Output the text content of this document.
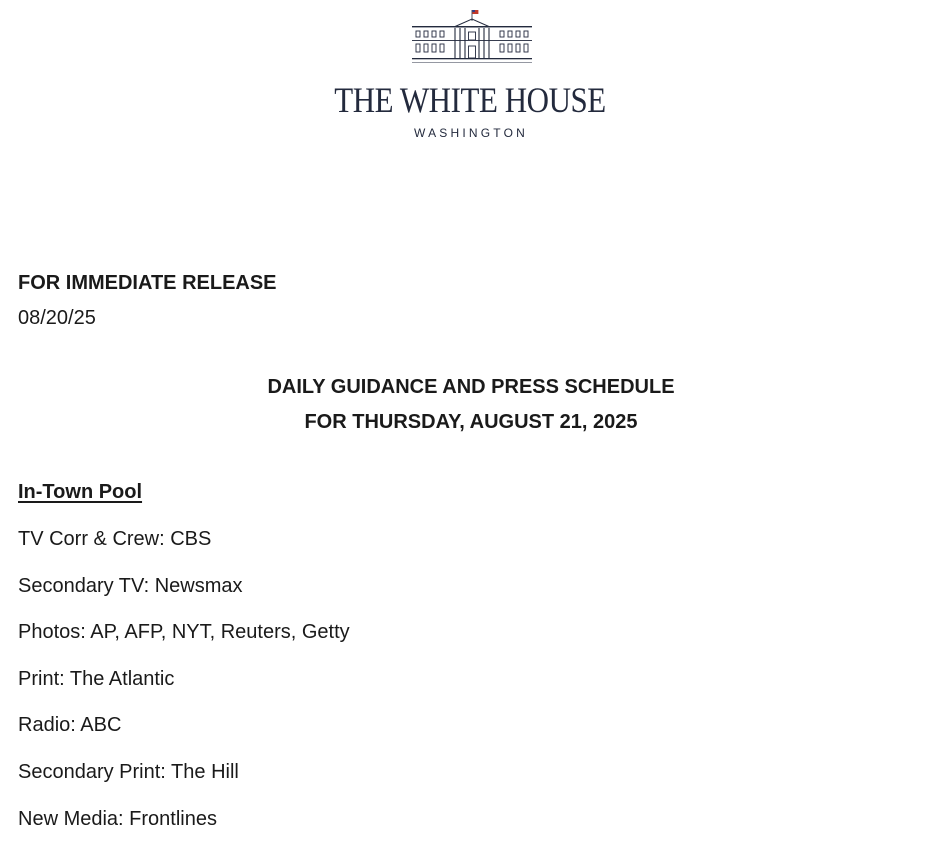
THE WHITE HOUSE
WASHINGTON
FOR IMMEDIATE RELEASE
08/20/25
DAILY GUIDANCE AND PRESS SCHEDULE
FOR THURSDAY, AUGUST 21, 2025
In-Town Pool
TV Corr & Crew: CBS
Secondary TV: Newsmax
Photos: AP, AFP, NYT, Reuters, Getty
Print: The Atlantic
Radio: ABC
Secondary Print: The Hill
New Media: Frontlines
